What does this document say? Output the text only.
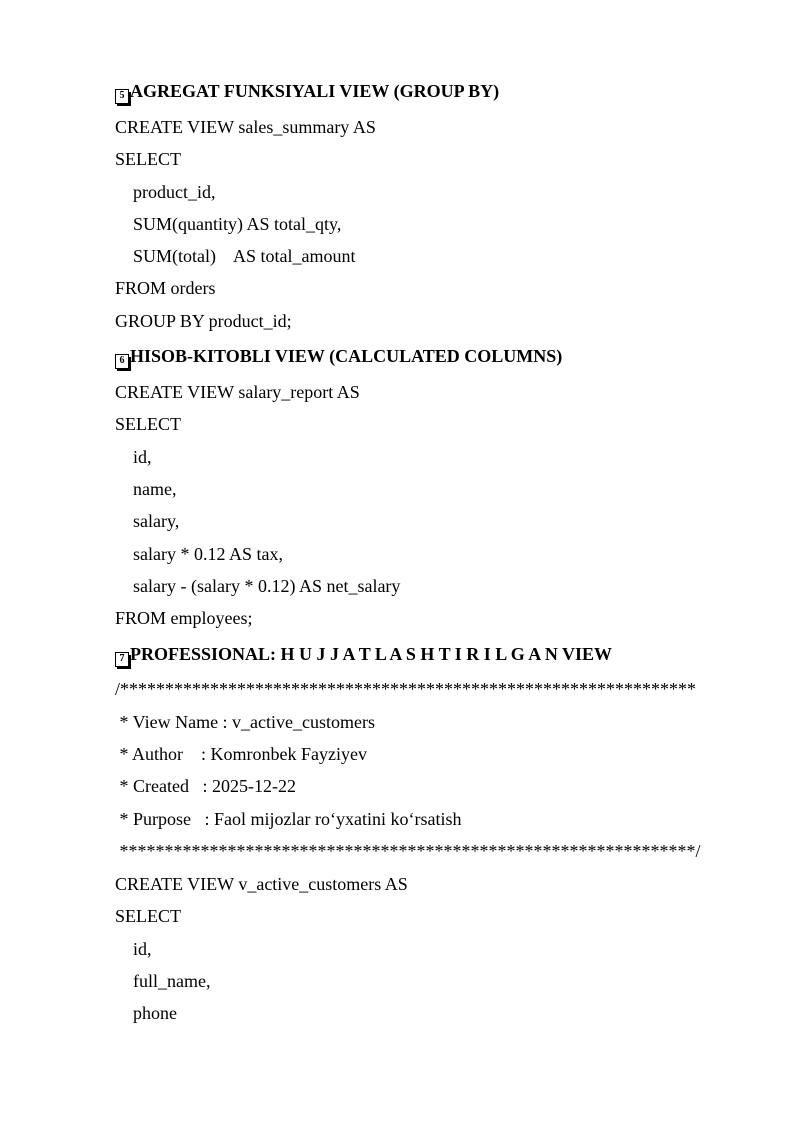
5 AGREGAT FUNKSIYALI VIEW (GROUP BY)
CREATE VIEW sales_summary AS
SELECT
product_id,
SUM(quantity) AS total_qty,
SUM(total)    AS total_amount
FROM orders
GROUP BY product_id;
6 HISOB-KITOBLI VIEW (CALCULATED COLUMNS)
CREATE VIEW salary_report AS
SELECT
id,
name,
salary,
salary * 0.12 AS tax,
salary - (salary * 0.12) AS net_salary
FROM employees;
7 PROFESSIONAL: H U J J A T L A S H T I R I L G A N VIEW
/****************************************************************
* View Name : v_active_customers
* Author    : Komronbek Fayziyev
* Created   : 2025-12-22
* Purpose   : Faol mijozlar ro‘yxatini ko‘rsatish
****************************************************************/
CREATE VIEW v_active_customers AS
SELECT
id,
full_name,
phone
